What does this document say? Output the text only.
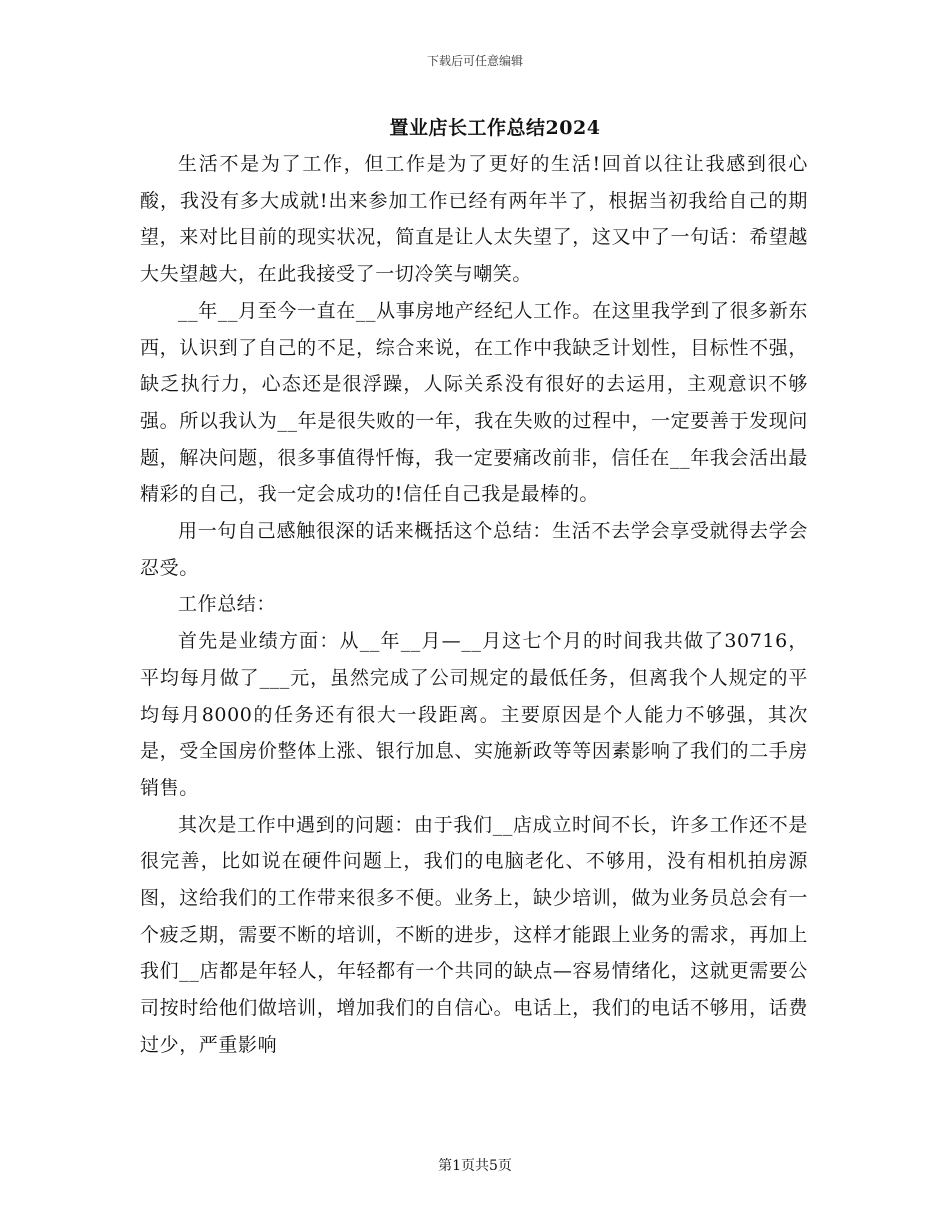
下载后可任意编辑
置业店长工作总结2024

生活不是为了工作，但工作是为了更好的生活!回首以往让我感到很心酸，我没有多大成就!出来参加工作已经有两年半了，根据当初我给自己的期望，来对比目前的现实状况，简直是让人太失望了，这又中了一句话：希望越大失望越大，在此我接受了一切冷笑与嘲笑。

__年__月至今一直在__从事房地产经纪人工作。在这里我学到了很多新东西，认识到了自己的不足，综合来说，在工作中我缺乏计划性，目标性不强，缺乏执行力，心态还是很浮躁，人际关系没有很好的去运用，主观意识不够强。所以我认为__年是很失败的一年，我在失败的过程中，一定要善于发现问题，解决问题，很多事值得忏悔，我一定要痛改前非，信任在__年我会活出最精彩的自己，我一定会成功的!信任自己我是最棒的。

用一句自己感触很深的话来概括这个总结：生活不去学会享受就得去学会忍受。

工作总结：

首先是业绩方面：从__年__月—__月这七个月的时间我共做了30716，平均每月做了___元，虽然完成了公司规定的最低任务，但离我个人规定的平均每月8000的任务还有很大一段距离。主要原因是个人能力不够强，其次是，受全国房价整体上涨、银行加息、实施新政等等因素影响了我们的二手房销售。

其次是工作中遇到的问题：由于我们__店成立时间不长，许多工作还不是很完善，比如说在硬件问题上，我们的电脑老化、不够用，没有相机拍房源图，这给我们的工作带来很多不便。业务上，缺少培训，做为业务员总会有一个疲乏期，需要不断的培训，不断的进步，这样才能跟上业务的需求，再加上我们__店都是年轻人，年轻都有一个共同的缺点—容易情绪化，这就更需要公司按时给他们做培训，增加我们的自信心。电话上，我们的电话不够用，话费过少，严重影响

第1页共5页
